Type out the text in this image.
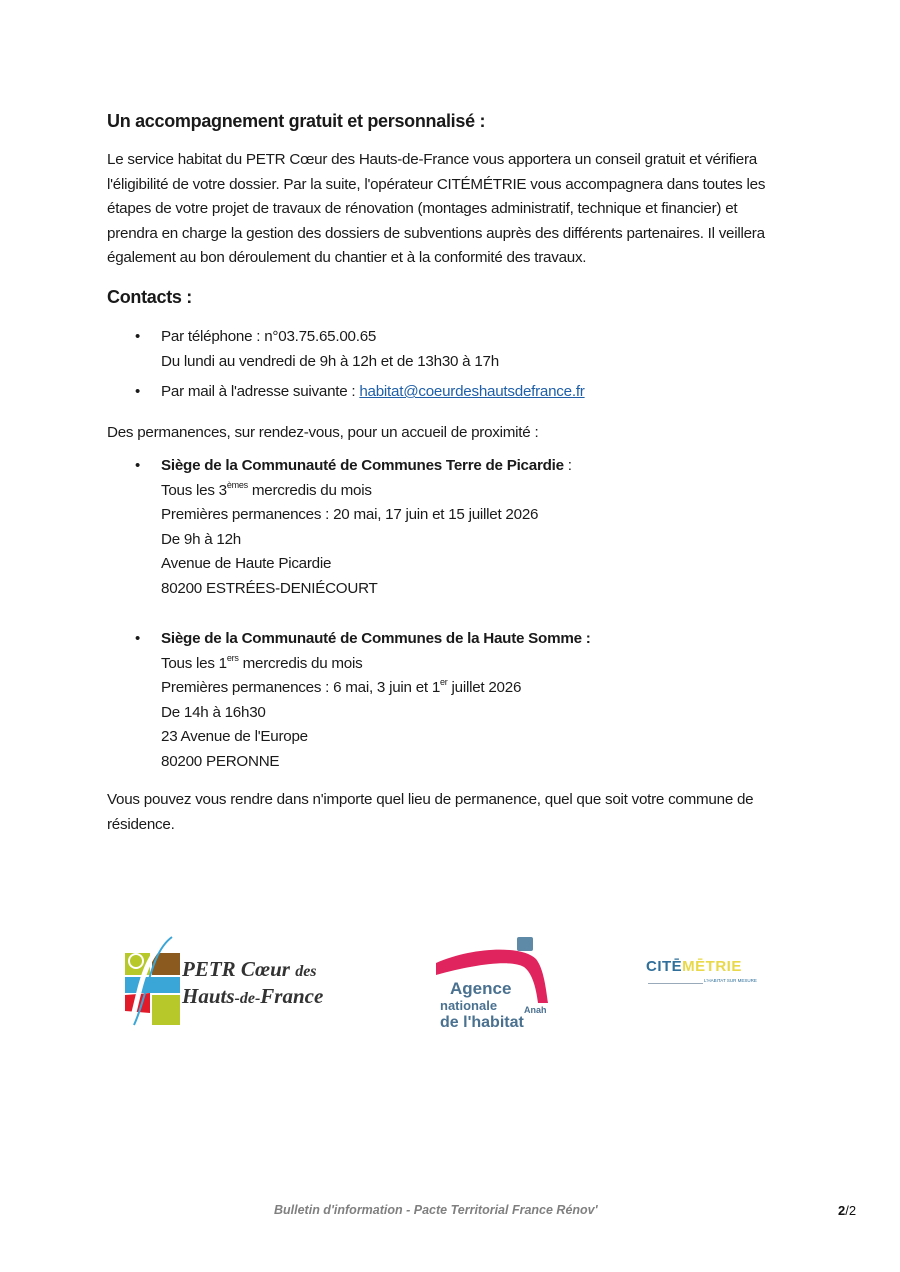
Un accompagnement gratuit et personnalisé :
Le service habitat du PETR Cœur des Hauts-de-France vous apportera un conseil gratuit et vérifiera
l'éligibilité de votre dossier. Par la suite, l'opérateur CITÉMÉTRIE vous accompagnera dans toutes les
étapes de votre projet de travaux de rénovation (montages administratif, technique et financier) et
prendra en charge la gestion des dossiers de subventions auprès des différents partenaires. Il veillera
également au bon déroulement du chantier et à la conformité des travaux.
Contacts :
• Par téléphone : n°03.75.65.00.65
Du lundi au vendredi de 9h à 12h et de 13h30 à 17h
• Par mail à l'adresse suivante : habitat@coeurdeshautsdefrance.fr
Des permanences, sur rendez-vous, pour un accueil de proximité :
• Siège de la Communauté de Communes Terre de Picardie :
Tous les 3èmes mercredis du mois
Premières permanences : 20 mai, 17 juin et 15 juillet 2026
De 9h à 12h
Avenue de Haute Picardie
80200 ESTRÉES-DENIÉCOURT
• Siège de la Communauté de Communes de la Haute Somme :
Tous les 1ers mercredis du mois
Premières permanences : 6 mai, 3 juin et 1er juillet 2026
De 14h à 16h30
23 Avenue de l'Europe
80200 PERONNE
Vous pouvez vous rendre dans n'importe quel lieu de permanence, quel que soit votre commune de
résidence.
PETR Cœur des
Hauts-de-France	Agence
nationale
de l'habitat
Anah
CITĒMĒTRIE
L'HABITAT SUR MESURE
Bulletin d'information - Pacte Territorial France Rénov'	2/2
